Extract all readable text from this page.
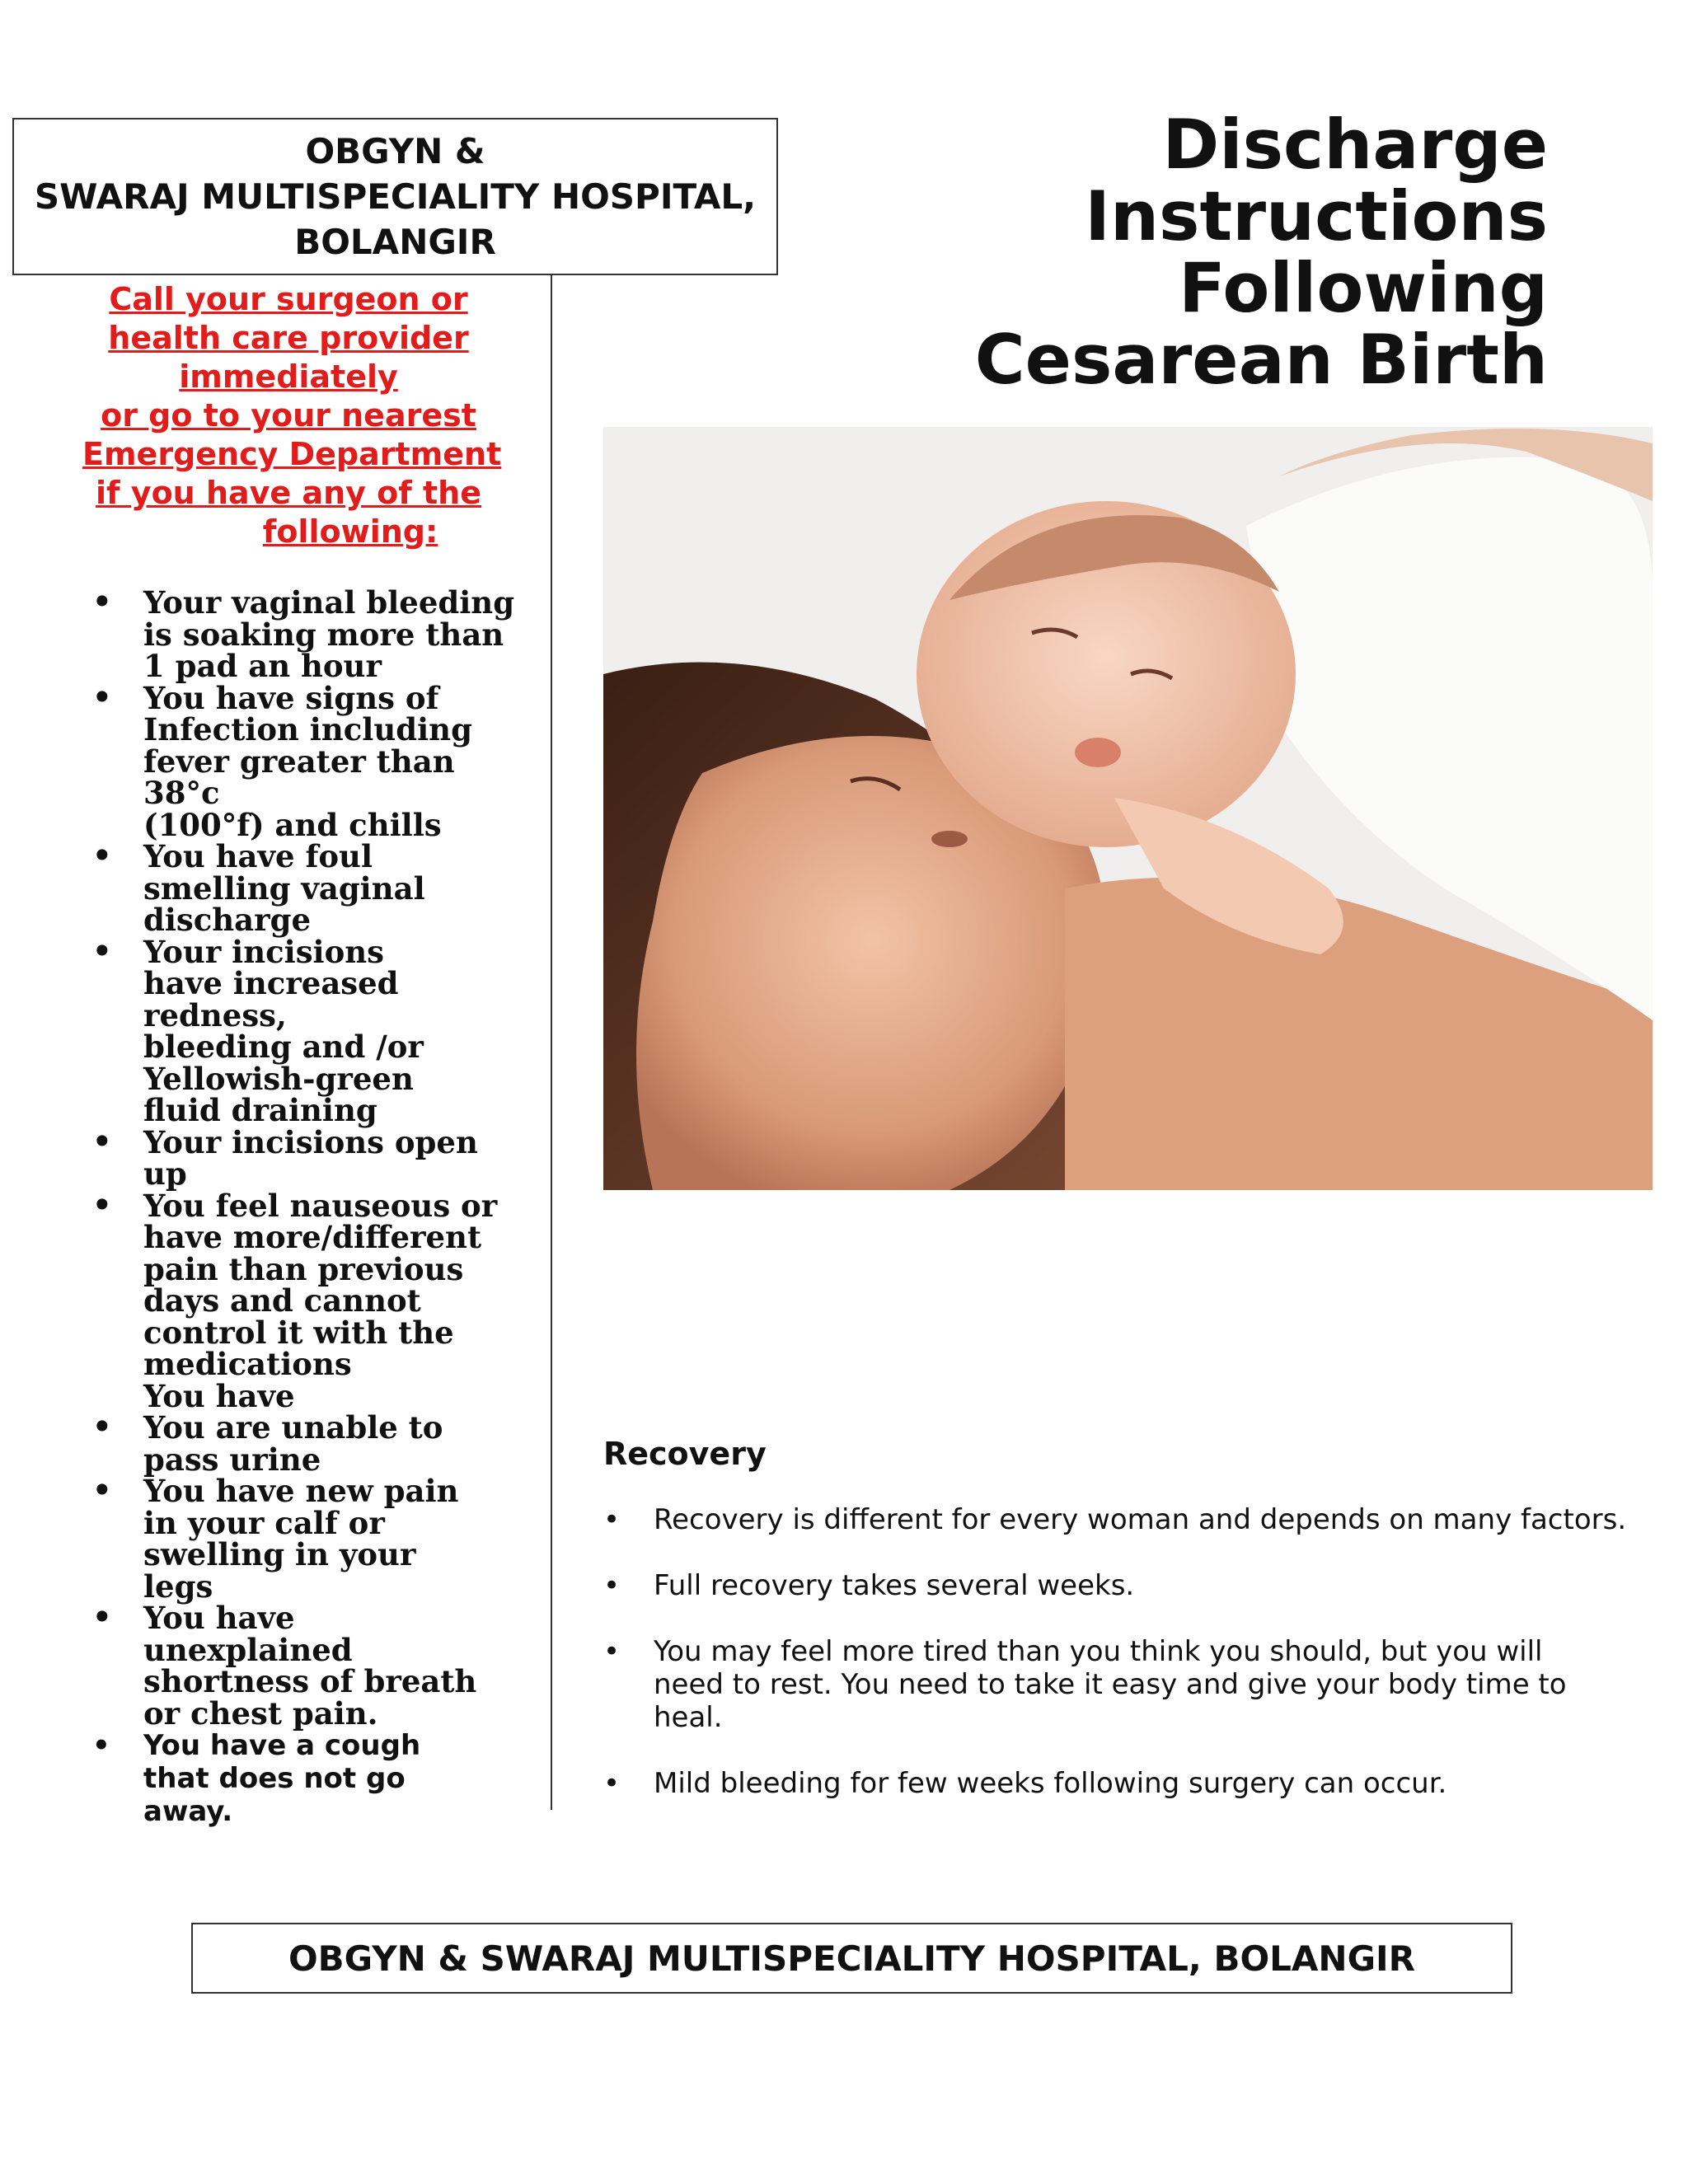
OBGYN &
SWARAJ MULTISPECIALITY HOSPITAL,
BOLANGIR
Discharge Instructions
Following
Cesarean Birth
Call your surgeon or
health care provider
immediately
or go to your nearest
Emergency Department
if you have any of the
following:
• Your vaginal bleeding
is soaking more than
1 pad an hour
• You have signs of
Infection including
fever greater than
38°c
(100°f) and chills
• You have foul
smelling vaginal
discharge
• Your incisions
have increased
redness,
bleeding and /or
Yellowish-green
fluid draining
• Your incisions open
up
• You feel nauseous or
have more/different
pain than previous
days and cannot
control it with the
medications
You have
• You are unable to
pass urine
• You have new pain
in your calf or
swelling in your
legs
• You have
unexplained
shortness of breath
or chest pain.
• You have a cough
that does not go
away.
Recovery
• Recovery is different for every woman and depends on many factors.
• Full recovery takes several weeks.
• You may feel more tired than you think you should, but you will
need to rest. You need to take it easy and give your body time to
heal.
• Mild bleeding for few weeks following surgery can occur.
OBGYN & SWARAJ MULTISPECIALITY HOSPITAL, BOLANGIR
